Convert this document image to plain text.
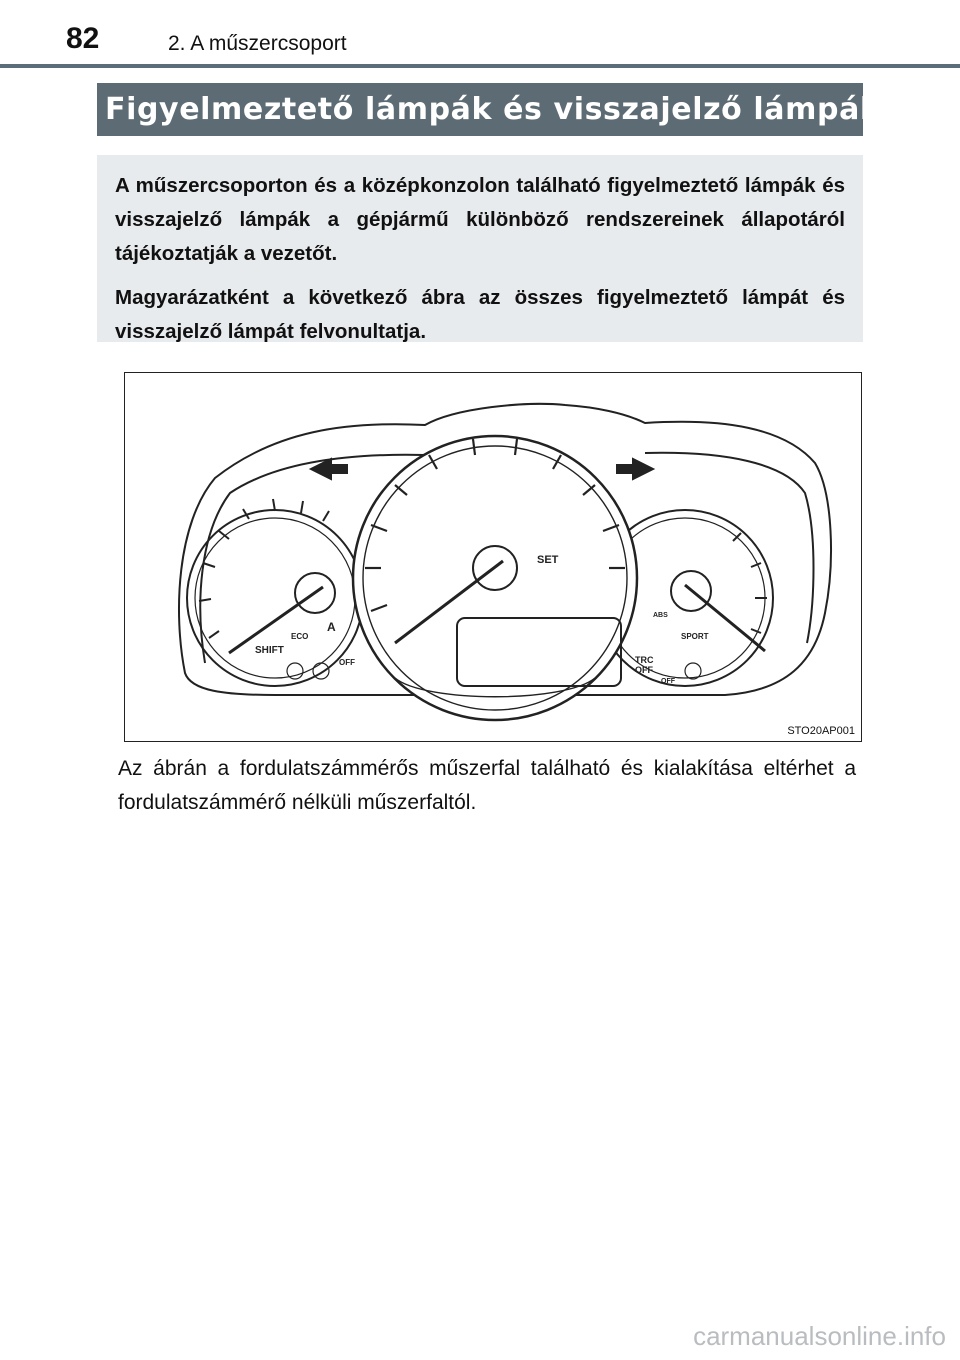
82	2. A műszercsoport
Figyelmeztető lámpák és visszajelző lámpák

A műszercsoporton és a középkonzolon található figyelmeztető lámpák és visszajelző lámpák a gépjármű különböző rendszereinek állapotáról tájékoztatják a vezetőt.

Magyarázatként a következő ábra az összes figyelmeztető lámpát és visszajelző lámpát felvonultatja.

SET
SHIFT
ECO
A
OFF
SPORT
ABS
TRC
OFF
OFF
STO20AP001
Az ábrán a fordulatszámmérős műszerfal található és kialakítása eltérhet a fordulatszámmérő nélküli műszerfaltól.
carmanualsonline.info
